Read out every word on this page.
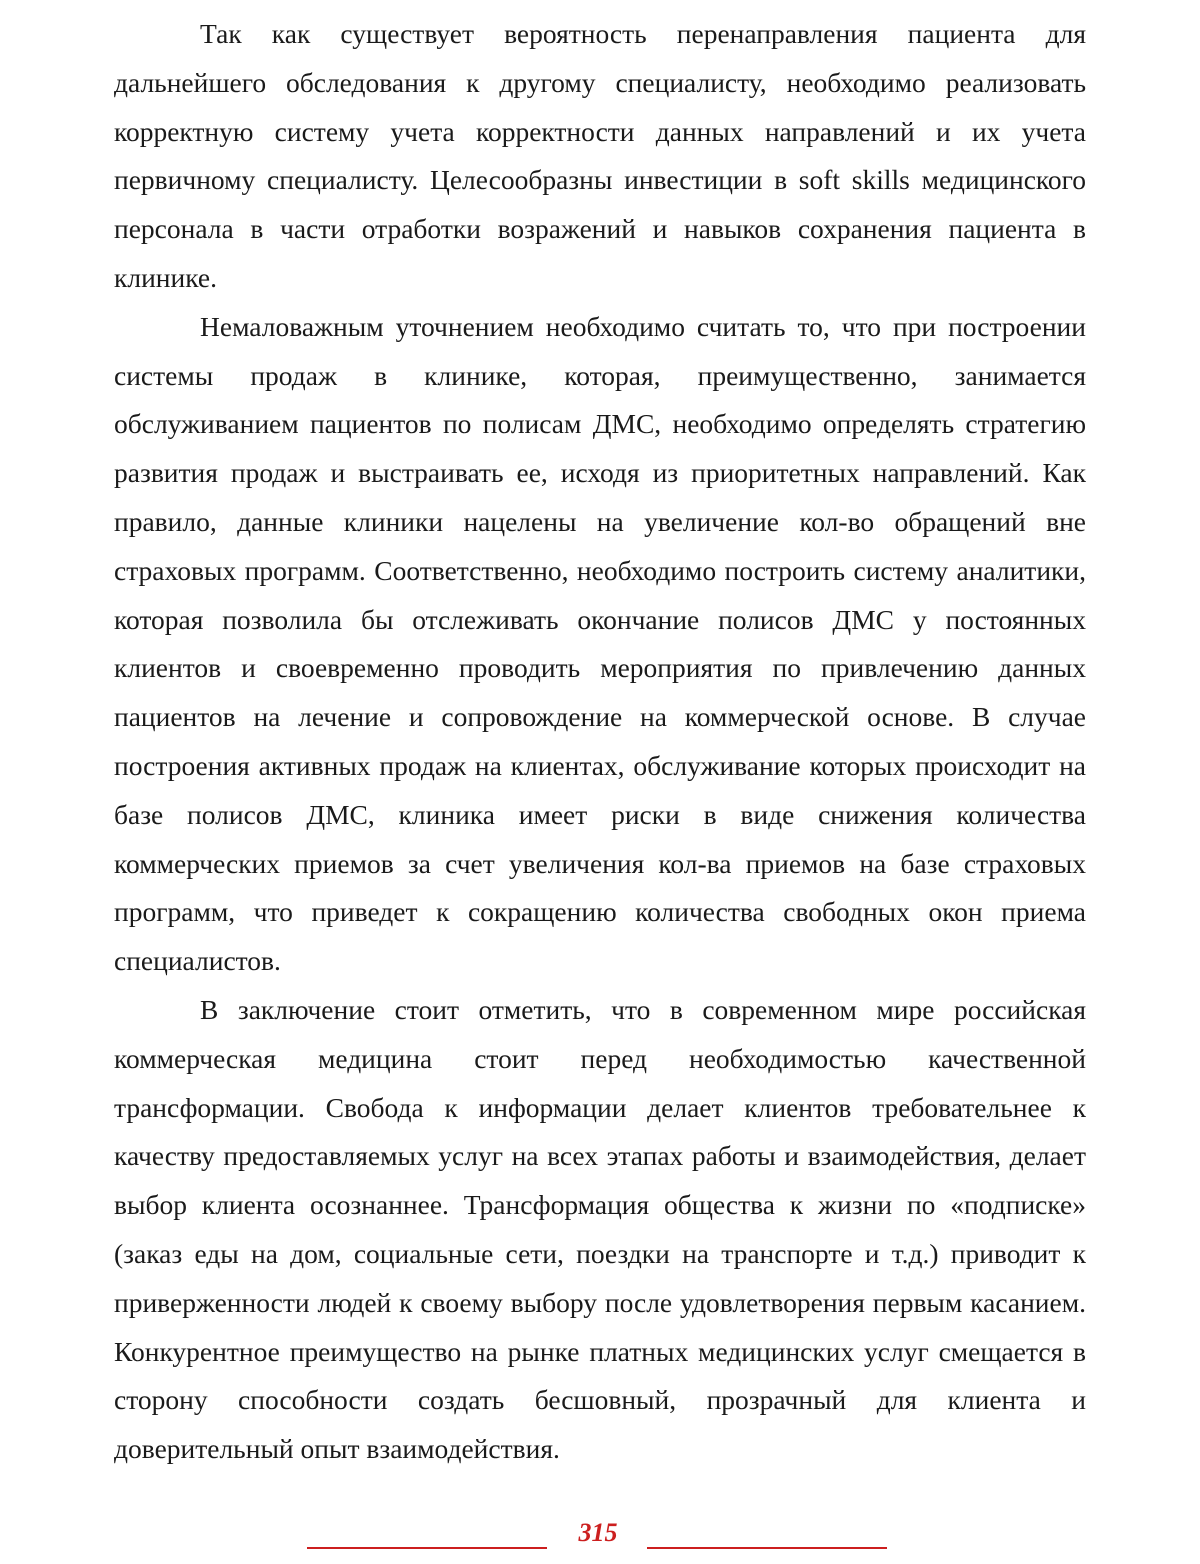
Так как существует вероятность перенаправления пациента для дальнейшего обследования к другому специалисту, необходимо реализовать корректную систему учета корректности данных направлений и их учета первичному специалисту. Целесообразны инвестиции в soft skills медицинского персонала в части отработки возражений и навыков сохранения пациента в клинике.

Немаловажным уточнением необходимо считать то, что при построении системы продаж в клинике, которая, преимущественно, занимается обслуживанием пациентов по полисам ДМС, необходимо определять стратегию развития продаж и выстраивать ее, исходя из приоритетных направлений. Как правило, данные клиники нацелены на увеличение кол-во обращений вне страховых программ. Соответственно, необходимо построить систему аналитики, которая позволила бы отслеживать окончание полисов ДМС у постоянных клиентов и своевременно проводить мероприятия по привлечению данных пациентов на лечение и сопровождение на коммерческой основе. В случае построения активных продаж на клиентах, обслуживание которых происходит на базе полисов ДМС, клиника имеет риски в виде снижения количества коммерческих приемов за счет увеличения кол-ва приемов на базе страховых программ, что приведет к сокращению количества свободных окон приема специалистов.

В заключение стоит отметить, что в современном мире российская коммерческая медицина стоит перед необходимостью качественной трансформации. Свобода к информации делает клиентов требовательнее к качеству предоставляемых услуг на всех этапах работы и взаимодействия, делает выбор клиента осознаннее. Трансформация общества к жизни по «подписке» (заказ еды на дом, социальные сети, поездки на транспорте и т.д.) приводит к приверженности людей к своему выбору после удовлетворения первым касанием. Конкурентное преимущество на рынке платных медицинских услуг смещается в сторону способности создать бесшовный, прозрачный для клиента и доверительный опыт взаимодействия.

315
